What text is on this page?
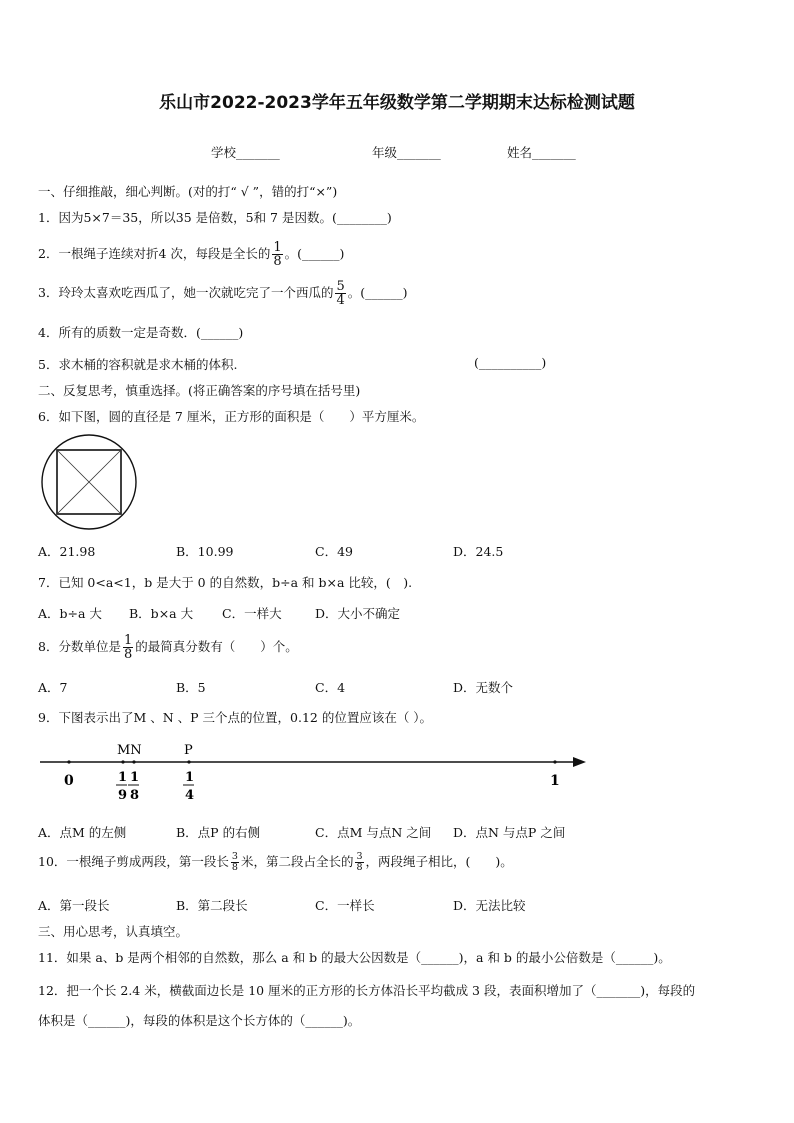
乐山市2022-2023学年五年级数学第二学期期末达标检测试题
学校_______	年级_______	姓名_______
一、仔细推敲，细心判断。(对的打“ √ ”，错的打“×”)
1．因为5×7＝35，所以35 是倍数，5和 7 是因数。(________)
2．一根绳子连续对折4 次，每段是全长的 $\frac{1}{8}$ 。(______)
3．玲玲太喜欢吃西瓜了，她一次就吃完了一个西瓜的 $\frac{5}{4}$ 。(______)
4．所有的质数一定是奇数．(______)
5．求木桶的容积就是求木桶的体积.	(__________)
二、反复思考，慎重选择。(将正确答案的序号填在括号里)
6．如下图，圆的直径是 7 厘米，正方形的面积是（　　）平方厘米。
A．21.98	B．10.99	C．49	D．24.5
7．已知 0<a<1，b 是大于 0 的自然数，b÷a 和 b×a 比较，(　).
A．b÷a 大 B．b×a 大 C．一样大	D．大小不确定
8．分数单位是 $\frac{1}{8}$ 的最简真分数有（　　）个。
A．7	B．5	C．4	D．无数个
9．下图表示出了M 、N 、P 三个点的位置，0.12 的位置应该在（ ）。
MN	P
0	1
9
1
8
1
4
1
A．点M 的左侧	B．点P 的右侧	C．点M 与点N 之间 D．点N 与点P 之间
10．一根绳子剪成两段，第一段长 $\frac{3}{8}$ 米，第二段占全长的 $\frac{3}{8}$ ，两段绳子相比，(　　)。
A．第一段长	B．第二段长	C．一样长	D．无法比较
三、用心思考，认真填空。
11．如果 a、b 是两个相邻的自然数，那么 a 和 b 的最大公因数是（______)，a 和 b 的最小公倍数是（______)。
12．把一个长 2.4 米，横截面边长是 10 厘米的正方形的长方体沿长平均截成 3 段，表面积增加了（_______)，每段的
体积是（______)，每段的体积是这个长方体的（______)。
